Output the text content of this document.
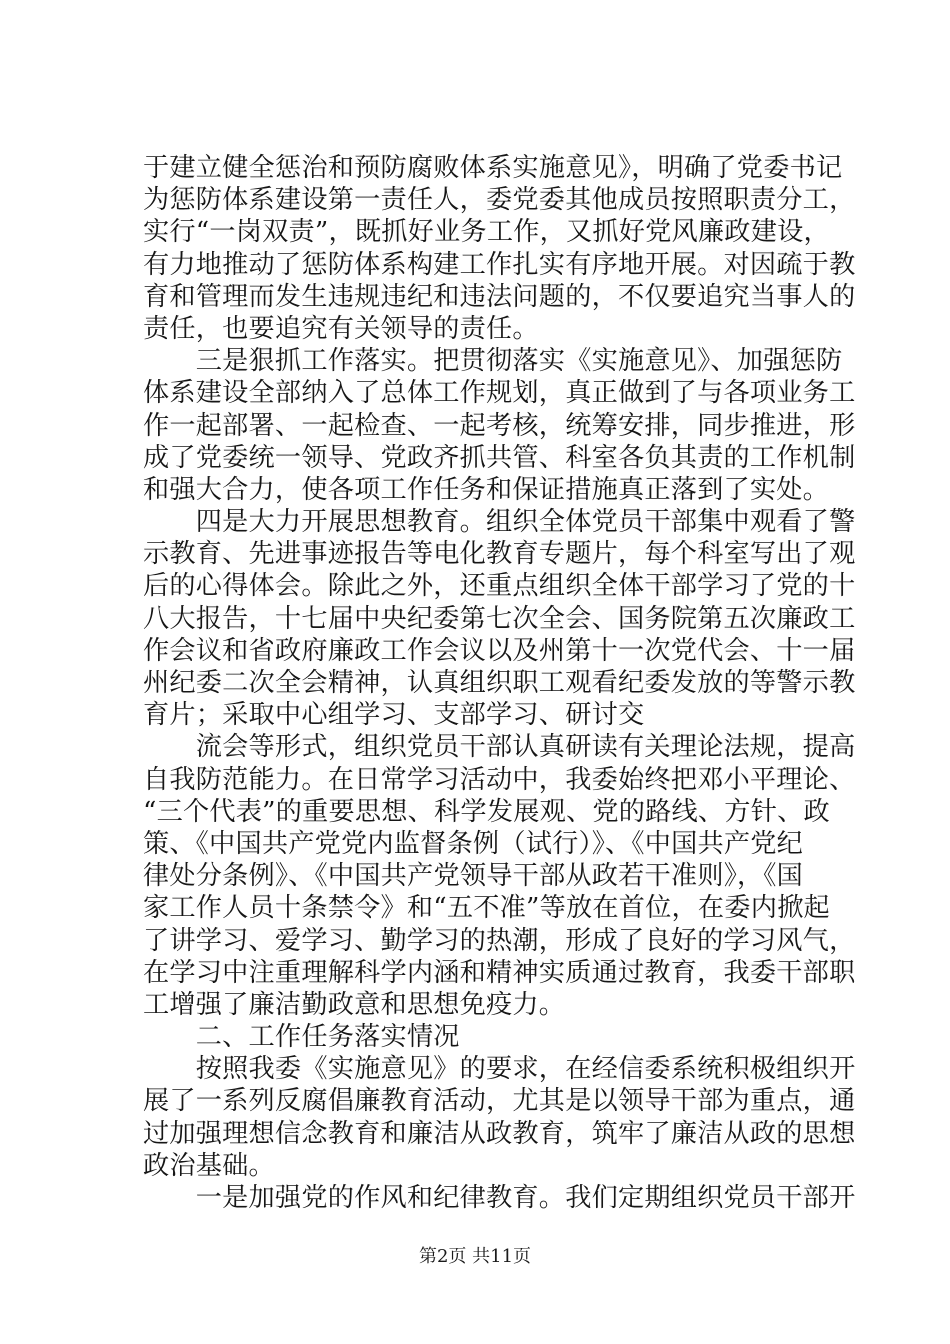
于建立健全惩治和预防腐败体系实施意见》，明确了党委书记
为惩防体系建设第一责任人，委党委其他成员按照职责分工，
实行“一岗双责”，既抓好业务工作，又抓好党风廉政建设，
有力地推动了惩防体系构建工作扎实有序地开展。对因疏于教
育和管理而发生违规违纪和违法问题的，不仅要追究当事人的
责任，也要追究有关领导的责任。
　　三是狠抓工作落实。把贯彻落实《实施意见》、加强惩防
体系建设全部纳入了总体工作规划，真正做到了与各项业务工
作一起部署、一起检查、一起考核，统筹安排，同步推进，形
成了党委统一领导、党政齐抓共管、科室各负其责的工作机制
和强大合力，使各项工作任务和保证措施真正落到了实处。
　　四是大力开展思想教育。组织全体党员干部集中观看了警
示教育、先进事迹报告等电化教育专题片，每个科室写出了观
后的心得体会。除此之外，还重点组织全体干部学习了党的十
八大报告，十七届中央纪委第七次全会、国务院第五次廉政工
作会议和省政府廉政工作会议以及州第十一次党代会、十一届
州纪委二次全会精神，认真组织职工观看纪委发放的等警示教
育片；采取中心组学习、支部学习、研讨交
　　流会等形式，组织党员干部认真研读有关理论法规，提高
自我防范能力。在日常学习活动中，我委始终把邓小平理论、
“三个代表”的重要思想、科学发展观、党的路线、方针、政
策、《中国共产党党内监督条例（试行）》、《中国共产党纪
律处分条例》、《中国共产党领导干部从政若干准则》，《国
家工作人员十条禁令》和“五不准”等放在首位，在委内掀起
了讲学习、爱学习、勤学习的热潮，形成了良好的学习风气，
在学习中注重理解科学内涵和精神实质通过教育，我委干部职
工增强了廉洁勤政意和思想免疫力。
　　二、工作任务落实情况
　　按照我委《实施意见》的要求，在经信委系统积极组织开
展了一系列反腐倡廉教育活动，尤其是以领导干部为重点，通
过加强理想信念教育和廉洁从政教育，筑牢了廉洁从政的思想
政治基础。
　　一是加强党的作风和纪律教育。我们定期组织党员干部开
第2页 共11页
